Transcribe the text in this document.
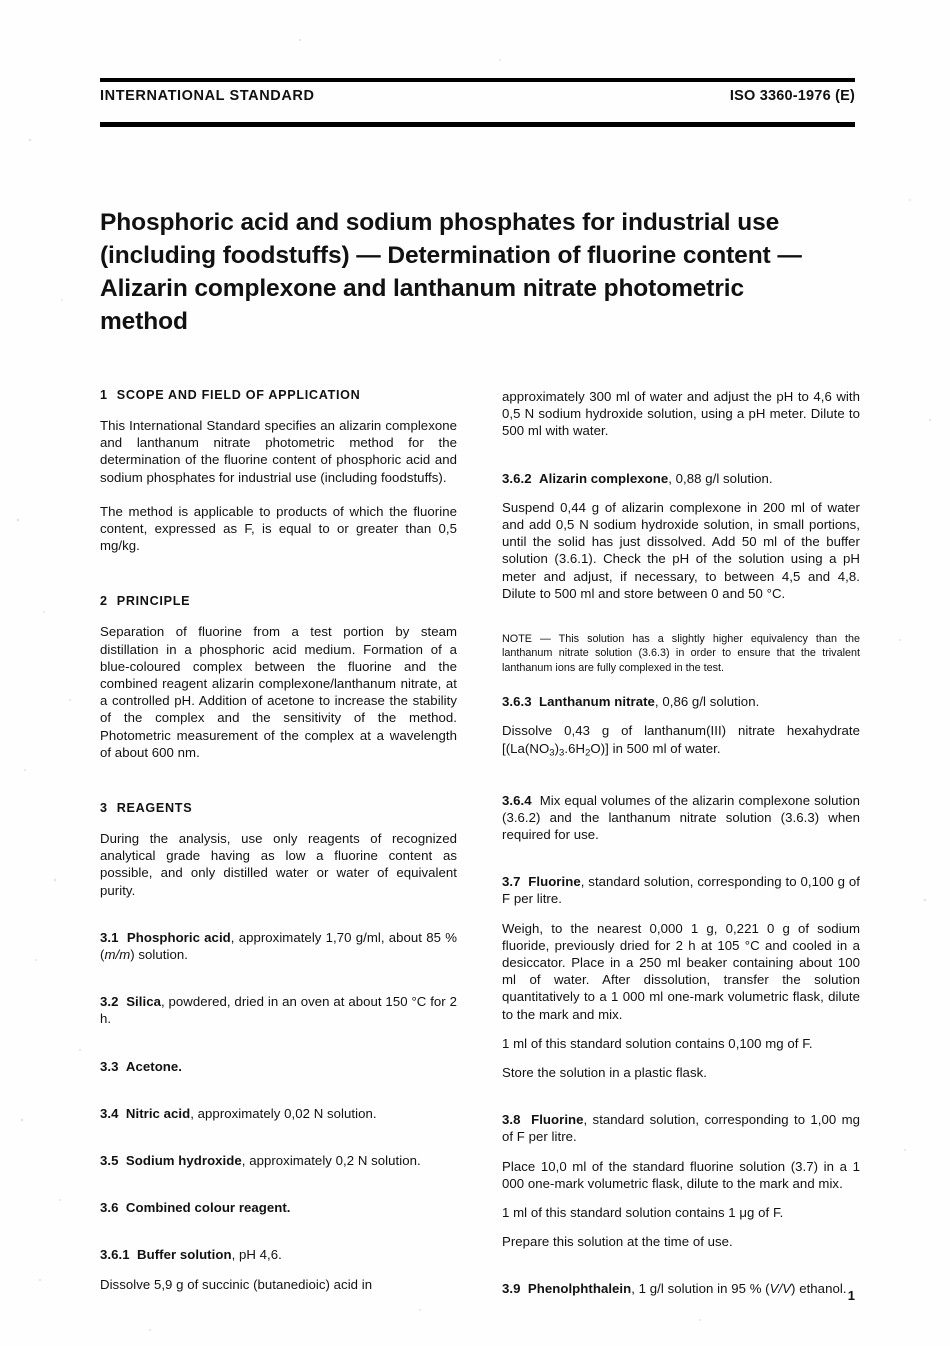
INTERNATIONAL STANDARD	ISO 3360-1976 (E)
Phosphoric acid and sodium phosphates for industrial use (including foodstuffs) — Determination of fluorine content — Alizarin complexone and lanthanum nitrate photometric method
1 SCOPE AND FIELD OF APPLICATION

This International Standard specifies an alizarin complexone and lanthanum nitrate photometric method for the determination of the fluorine content of phosphoric acid and sodium phosphates for industrial use (including foodstuffs).

The method is applicable to products of which the fluorine content, expressed as F, is equal to or greater than 0,5 mg/kg.

2 PRINCIPLE

Separation of fluorine from a test portion by steam distillation in a phosphoric acid medium. Formation of a blue-coloured complex between the fluorine and the combined reagent alizarin complexone/lanthanum nitrate, at a controlled pH. Addition of acetone to increase the stability of the complex and the sensitivity of the method. Photometric measurement of the complex at a wavelength of about 600 nm.

3 REAGENTS

During the analysis, use only reagents of recognized analytical grade having as low a fluorine content as possible, and only distilled water or water of equivalent purity.

3.1 Phosphoric acid, approximately 1,70 g/ml, about 85 % (m/m) solution.

3.2 Silica, powdered, dried in an oven at about 150 °C for 2 h.

3.3 Acetone.

3.4 Nitric acid, approximately 0,02 N solution.

3.5 Sodium hydroxide, approximately 0,2 N solution.

3.6 Combined colour reagent.

3.6.1 Buffer solution, pH 4,6.

Dissolve 5,9 g of succinic (butanedioic) acid in

approximately 300 ml of water and adjust the pH to 4,6 with 0,5 N sodium hydroxide solution, using a pH meter. Dilute to 500 ml with water.

3.6.2 Alizarin complexone, 0,88 g/l solution.

Suspend 0,44 g of alizarin complexone in 200 ml of water and add 0,5 N sodium hydroxide solution, in small portions, until the solid has just dissolved. Add 50 ml of the buffer solution (3.6.1). Check the pH of the solution using a pH meter and adjust, if necessary, to between 4,5 and 4,8. Dilute to 500 ml and store between 0 and 50 °C.

NOTE — This solution has a slightly higher equivalency than the lanthanum nitrate solution (3.6.3) in order to ensure that the trivalent lanthanum ions are fully complexed in the test.

3.6.3 Lanthanum nitrate, 0,86 g/l solution.

Dissolve 0,43 g of lanthanum(III) nitrate hexahydrate $[(La(NO_3)_3.6H_2O)]$ in 500 ml of water.

3.6.4 Mix equal volumes of the alizarin complexone solution (3.6.2) and the lanthanum nitrate solution (3.6.3) when required for use.

3.7 Fluorine, standard solution, corresponding to 0,100 g of F per litre.

Weigh, to the nearest 0,000 1 g, 0,221 0 g of sodium fluoride, previously dried for 2 h at 105 °C and cooled in a desiccator. Place in a 250 ml beaker containing about 100 ml of water. After dissolution, transfer the solution quantitatively to a 1 000 ml one-mark volumetric flask, dilute to the mark and mix.

1 ml of this standard solution contains 0,100 mg of F.

Store the solution in a plastic flask.

3.8 Fluorine, standard solution, corresponding to 1,00 mg of F per litre.

Place 10,0 ml of the standard fluorine solution (3.7) in a 1 000 one-mark volumetric flask, dilute to the mark and mix.

1 ml of this standard solution contains 1 μg of F.

Prepare this solution at the time of use.

3.9 Phenolphthalein, 1 g/l solution in 95 % (V/V) ethanol. 1
